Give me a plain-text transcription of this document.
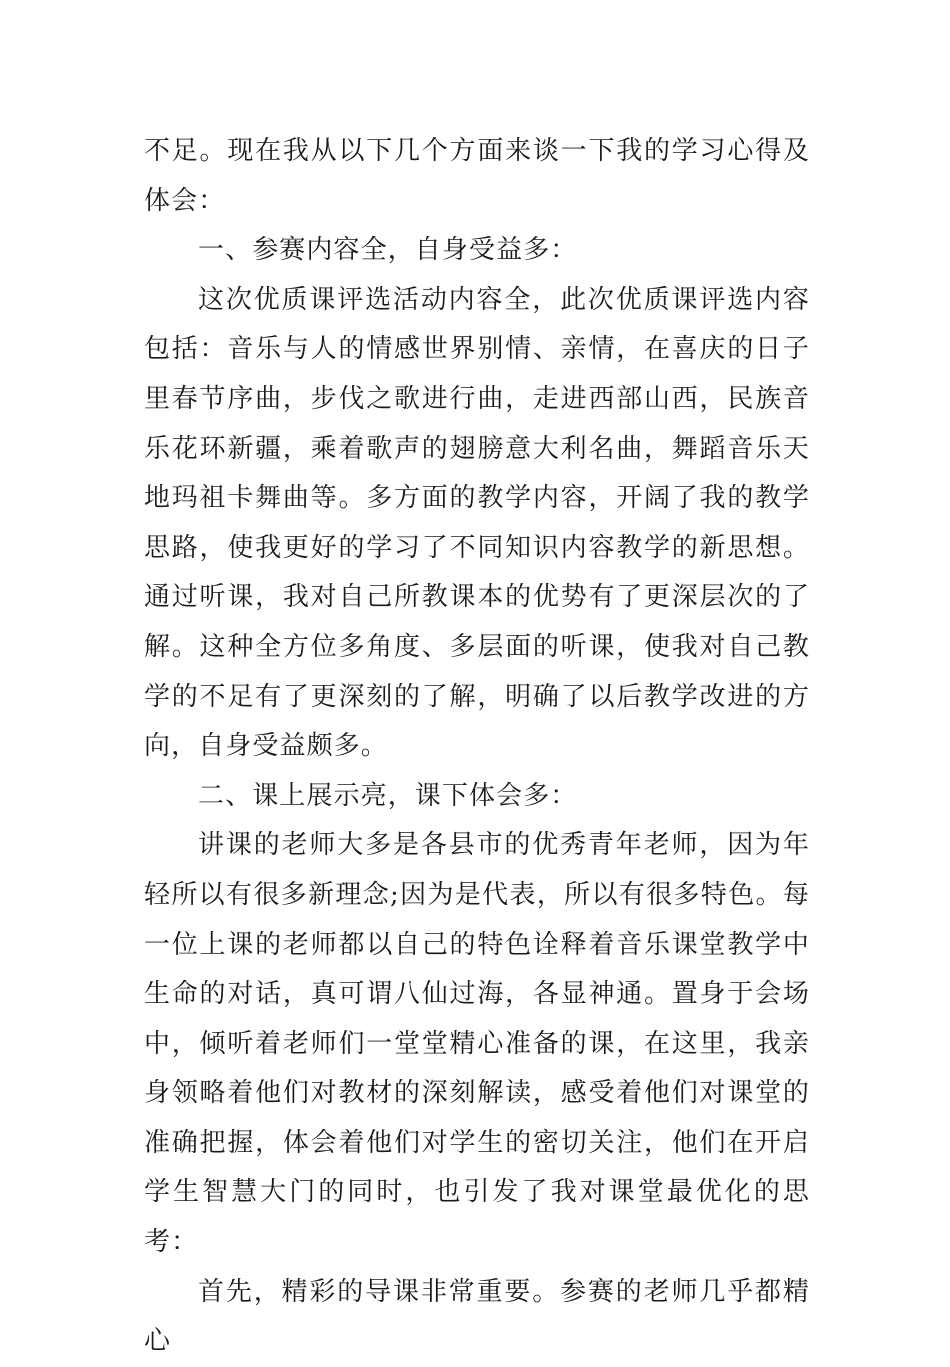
不足。现在我从以下几个方面来谈一下我的学习心得及体会：

一、参赛内容全，自身受益多：

这次优质课评选活动内容全，此次优质课评选内容包括：音乐与人的情感世界别情、亲情，在喜庆的日子里春节序曲，步伐之歌进行曲，走进西部山西，民族音乐花环新疆，乘着歌声的翅膀意大利名曲，舞蹈音乐天地玛祖卡舞曲等。多方面的教学内容，开阔了我的教学思路，使我更好的学习了不同知识内容教学的新思想。通过听课，我对自己所教课本的优势有了更深层次的了解。这种全方位多角度、多层面的听课，使我对自己教学的不足有了更深刻的了解，明确了以后教学改进的方向，自身受益颇多。

二、课上展示亮，课下体会多：

讲课的老师大多是各县市的优秀青年老师，因为年轻所以有很多新理念;因为是代表，所以有很多特色。每一位上课的老师都以自己的特色诠释着音乐课堂教学中生命的对话，真可谓八仙过海，各显神通。置身于会场中，倾听着老师们一堂堂精心准备的课，在这里，我亲身领略着他们对教材的深刻解读，感受着他们对课堂的准确把握，体会着他们对学生的密切关注，他们在开启学生智慧大门的同时，也引发了我对课堂最优化的思考：

首先，精彩的导课非常重要。参赛的老师几乎都精心
